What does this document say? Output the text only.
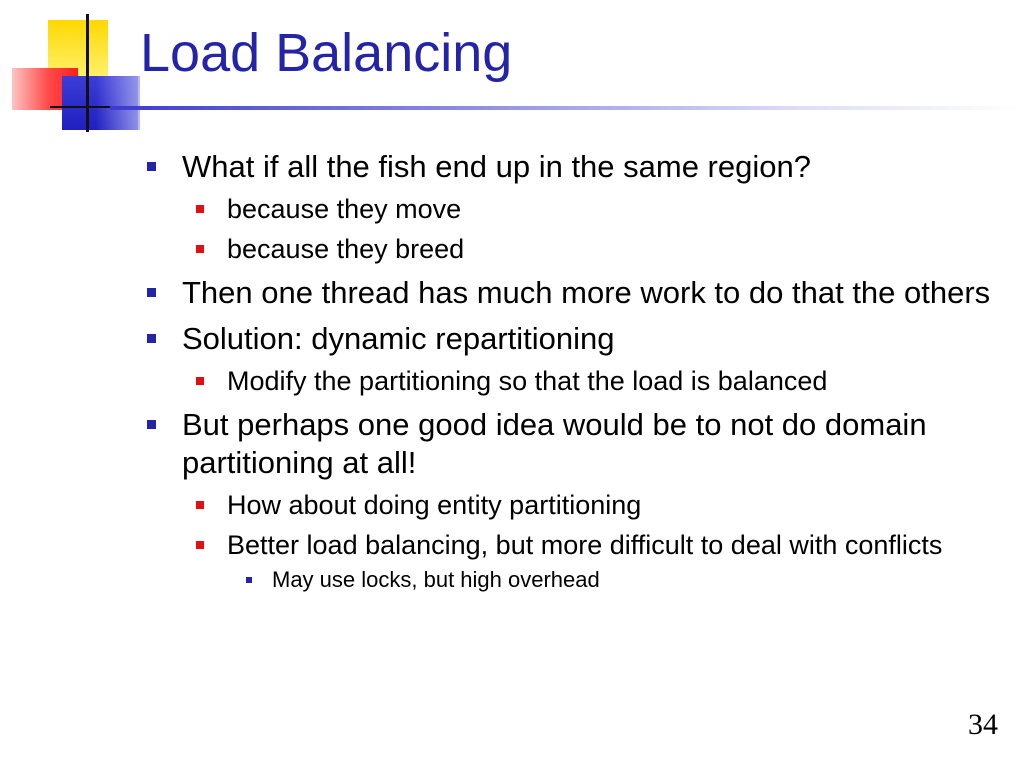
Load Balancing
What if all the fish end up in the same region?
because they move
because they breed
Then one thread has much more work to do that the others
Solution: dynamic repartitioning
Modify the partitioning so that the load is balanced
But perhaps one good idea would be to not do domain partitioning at all!
How about doing entity partitioning
Better load balancing, but more difficult to deal with conflicts
May use locks, but high overhead
34
